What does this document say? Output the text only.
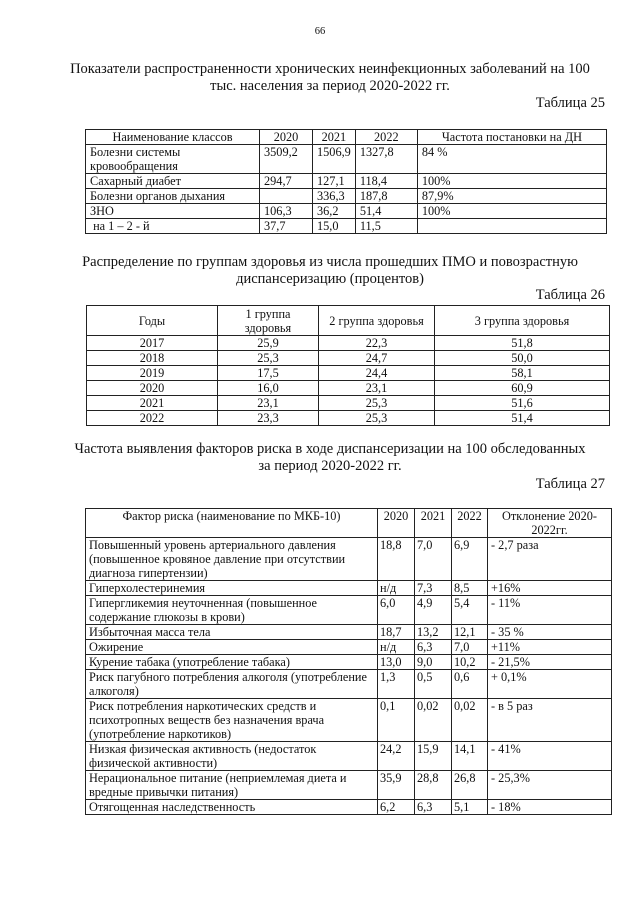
66
Показатели распространенности хронических неинфекционных заболеваний на 100 тыс. населения за период 2020-2022 гг.
Таблица 25
Наименование классов	2020	2021	2022	Частота постановки на ДН
Болезни системы кровообращения	3509,2	1506,9	1327,8	84 %
Сахарный диабет	294,7	127,1	118,4	100%
Болезни органов дыхания		336,3	187,8	87,9%
ЗНО	106,3	36,2	51,4	100%
на 1 – 2 - й	37,7	15,0	11,5	
Распределение по группам здоровья из числа прошедших ПМО и повозрастную диспансеризацию (процентов)
Таблица 26
Годы	1 группа здоровья	2 группа здоровья	3 группа здоровья
2017	25,9	22,3	51,8
2018	25,3	24,7	50,0
2019	17,5	24,4	58,1
2020	16,0	23,1	60,9
2021	23,1	25,3	51,6
2022	23,3	25,3	51,4
Частота выявления факторов риска в ходе диспансеризации на 100 обследованных за период 2020-2022 гг.
Таблица 27
Фактор риска (наименование по МКБ-10)	2020	2021	2022	Отклонение 2020-2022гг.
Повышенный уровень артериального давления (повышенное кровяное давление при отсутствии диагноза гипертензии)	18,8	7,0	6,9	- 2,7 раза
Гиперхолестеринемия	н/д	7,3	8,5	+16%
Гипергликемия неуточненная (повышенное содержание глюкозы в крови)	6,0	4,9	5,4	- 11%
Избыточная масса тела	18,7	13,2	12,1	- 35 %
Ожирение	н/д	6,3	7,0	+11%
Курение табака (употребление табака)	13,0	9,0	10,2	- 21,5%
Риск пагубного потребления алкоголя (употребление алкоголя)	1,3	0,5	0,6	+ 0,1%
Риск потребления наркотических средств и психотропных веществ без назначения врача (употребление наркотиков)	0,1	0,02	0,02	- в 5 раз
Низкая физическая активность (недостаток физической активности)	24,2	15,9	14,1	- 41%
Нерациональное питание (неприемлемая диета и вредные привычки питания)	35,9	28,8	26,8	- 25,3%
Отягощенная наследственность	6,2	6,3	5,1	- 18%
